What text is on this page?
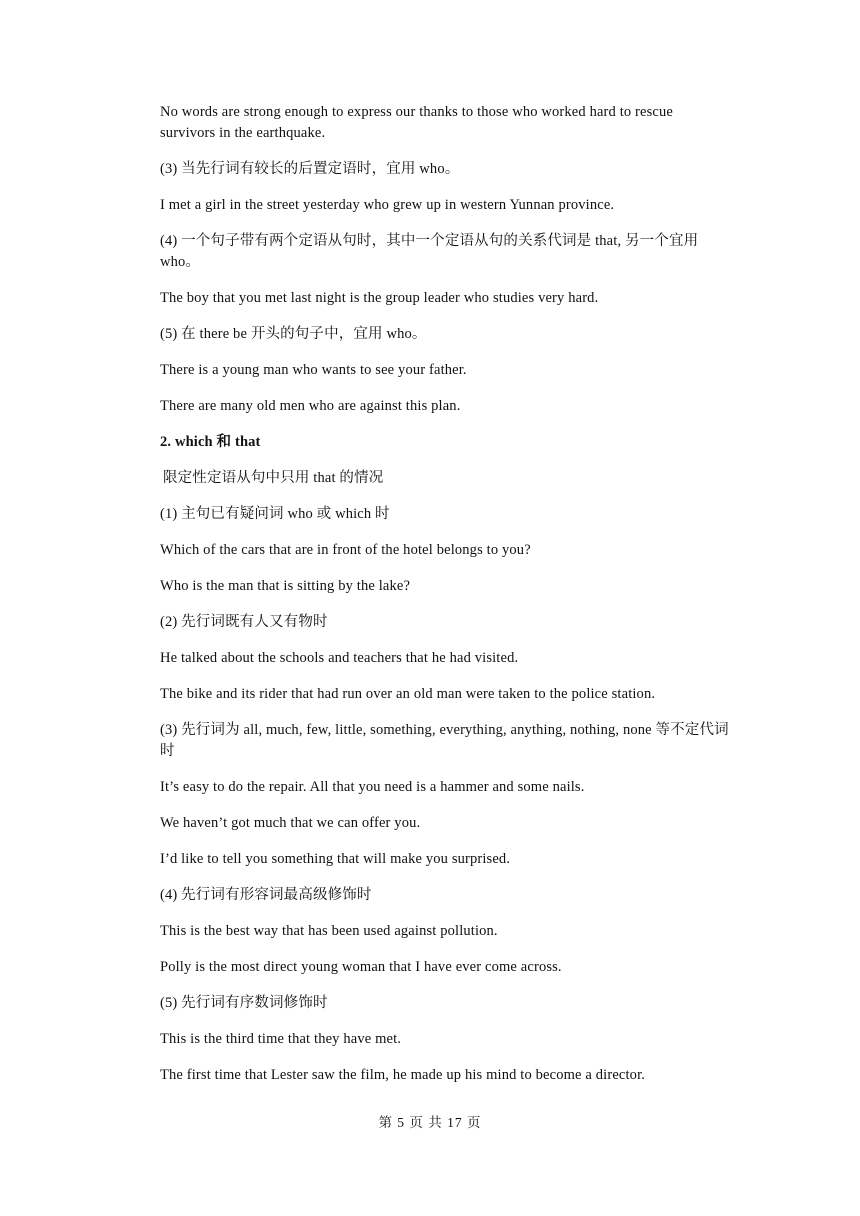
No words are strong enough to express our thanks to those who worked hard to rescue survivors in the earthquake.

(3) 当先行词有较长的后置定语时，宜用 who。

I met a girl in the street yesterday who grew up in western Yunnan province.

(4) 一个句子带有两个定语从句时，其中一个定语从句的关系代词是 that, 另一个宜用 who。

The boy that you met last night is the group leader who studies very hard.

(5) 在 there be 开头的句子中，宜用 who。

There is a young man who wants to see your father.

There are many old men who are against this plan.

2. which 和 that

限定性定语从句中只用 that 的情况

(1) 主句已有疑问词 who 或 which 时

Which of the cars that are in front of the hotel belongs to you?

Who is the man that is sitting by the lake?

(2) 先行词既有人又有物时

He talked about the schools and teachers that he had visited.

The bike and its rider that had run over an old man were taken to the police station.

(3) 先行词为 all, much, few, little, something, everything, anything, nothing, none 等不定代词时

It’s easy to do the repair. All that you need is a hammer and some nails.

We haven’t got much that we can offer you.

I’d like to tell you something that will make you surprised.

(4) 先行词有形容词最高级修饰时

This is the best way that has been used against pollution.

Polly is the most direct young woman that I have ever come across.

(5) 先行词有序数词修饰时

This is the third time that they have met.

The first time that Lester saw the film, he made up his mind to become a director.

第 5 页 共 17 页
